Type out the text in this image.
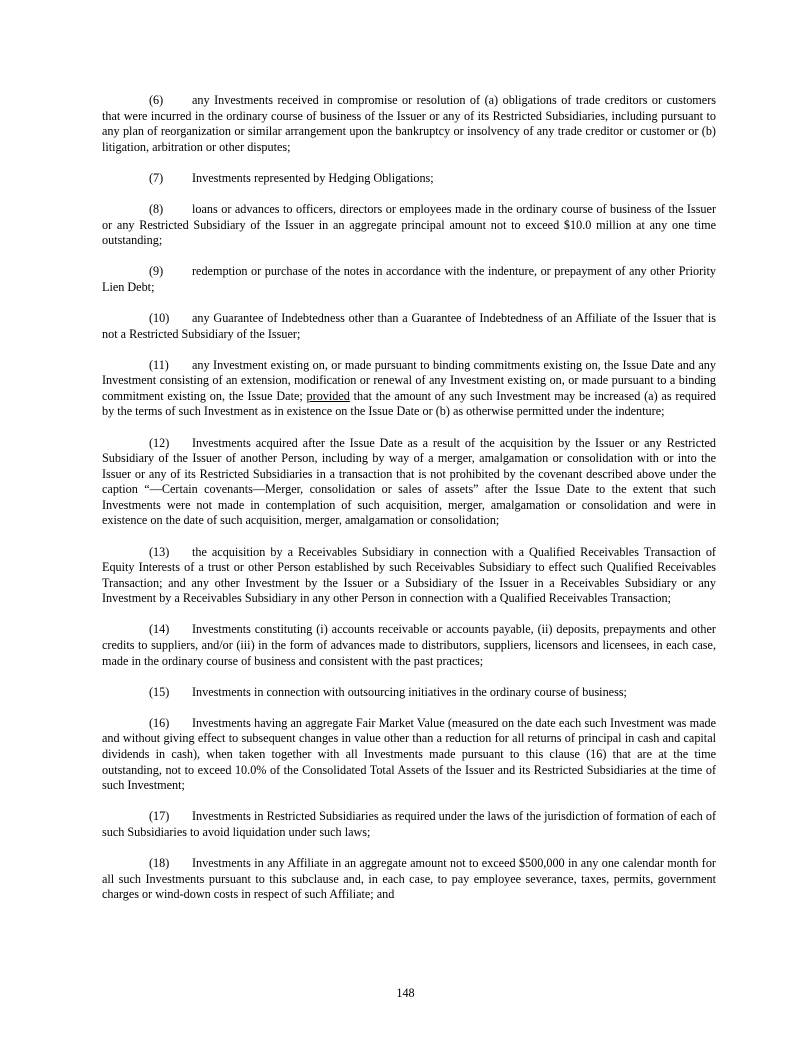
(6) any Investments received in compromise or resolution of (a) obligations of trade creditors or customers that were incurred in the ordinary course of business of the Issuer or any of its Restricted Subsidiaries, including pursuant to any plan of reorganization or similar arrangement upon the bankruptcy or insolvency of any trade creditor or customer or (b) litigation, arbitration or other disputes;

(7) Investments represented by Hedging Obligations;

(8) loans or advances to officers, directors or employees made in the ordinary course of business of the Issuer or any Restricted Subsidiary of the Issuer in an aggregate principal amount not to exceed $10.0 million at any one time outstanding;

(9) redemption or purchase of the notes in accordance with the indenture, or prepayment of any other Priority Lien Debt;

(10) any Guarantee of Indebtedness other than a Guarantee of Indebtedness of an Affiliate of the Issuer that is not a Restricted Subsidiary of the Issuer;

(11) any Investment existing on, or made pursuant to binding commitments existing on, the Issue Date and any Investment consisting of an extension, modification or renewal of any Investment existing on, or made pursuant to a binding commitment existing on, the Issue Date; provided that the amount of any such Investment may be increased (a) as required by the terms of such Investment as in existence on the Issue Date or (b) as otherwise permitted under the indenture;

(12) Investments acquired after the Issue Date as a result of the acquisition by the Issuer or any Restricted Subsidiary of the Issuer of another Person, including by way of a merger, amalgamation or consolidation with or into the Issuer or any of its Restricted Subsidiaries in a transaction that is not prohibited by the covenant described above under the caption “—Certain covenants—Merger, consolidation or sales of assets” after the Issue Date to the extent that such Investments were not made in contemplation of such acquisition, merger, amalgamation or consolidation and were in existence on the date of such acquisition, merger, amalgamation or consolidation;

(13) the acquisition by a Receivables Subsidiary in connection with a Qualified Receivables Transaction of Equity Interests of a trust or other Person established by such Receivables Subsidiary to effect such Qualified Receivables Transaction; and any other Investment by the Issuer or a Subsidiary of the Issuer in a Receivables Subsidiary or any Investment by a Receivables Subsidiary in any other Person in connection with a Qualified Receivables Transaction;

(14) Investments constituting (i) accounts receivable or accounts payable, (ii) deposits, prepayments and other credits to suppliers, and/or (iii) in the form of advances made to distributors, suppliers, licensors and licensees, in each case, made in the ordinary course of business and consistent with the past practices;

(15) Investments in connection with outsourcing initiatives in the ordinary course of business;

(16) Investments having an aggregate Fair Market Value (measured on the date each such Investment was made and without giving effect to subsequent changes in value other than a reduction for all returns of principal in cash and capital dividends in cash), when taken together with all Investments made pursuant to this clause (16) that are at the time outstanding, not to exceed 10.0% of the Consolidated Total Assets of the Issuer and its Restricted Subsidiaries at the time of such Investment;

(17) Investments in Restricted Subsidiaries as required under the laws of the jurisdiction of formation of each of such Subsidiaries to avoid liquidation under such laws;

(18) Investments in any Affiliate in an aggregate amount not to exceed $500,000 in any one calendar month for all such Investments pursuant to this subclause and, in each case, to pay employee severance, taxes, permits, government charges or wind-down costs in respect of such Affiliate; and

148
